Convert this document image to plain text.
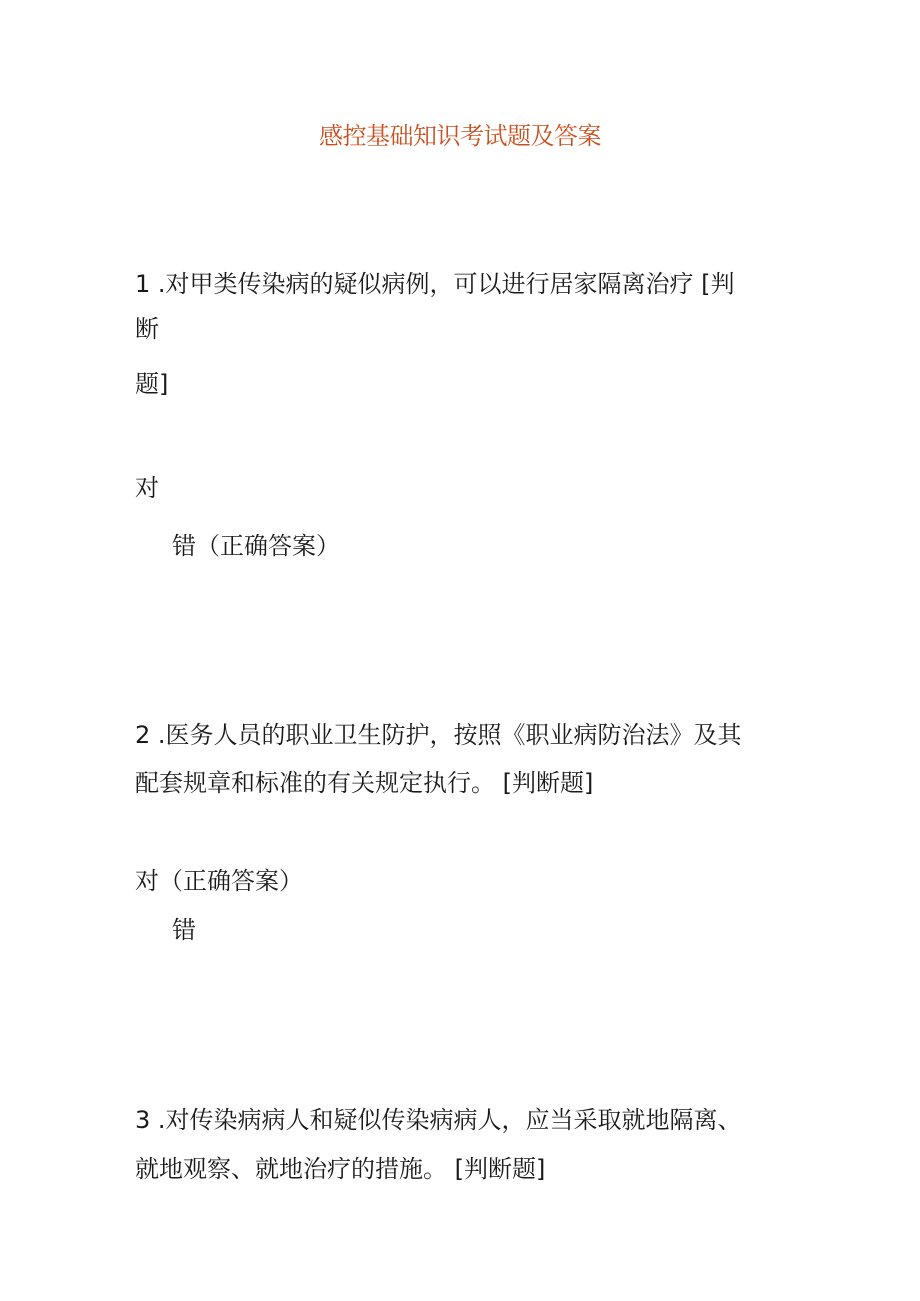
感控基础知识考试题及答案
1 .对甲类传染病的疑似病例，可以进行居家隔离治疗 [判
断
题]
对
错（正确答案）
2 .医务人员的职业卫生防护，按照《职业病防治法》及其
配套规章和标准的有关规定执行。 [判断题]
对（正确答案）
错
3 .对传染病病人和疑似传染病病人，应当采取就地隔离、
就地观察、就地治疗的措施。 [判断题]
